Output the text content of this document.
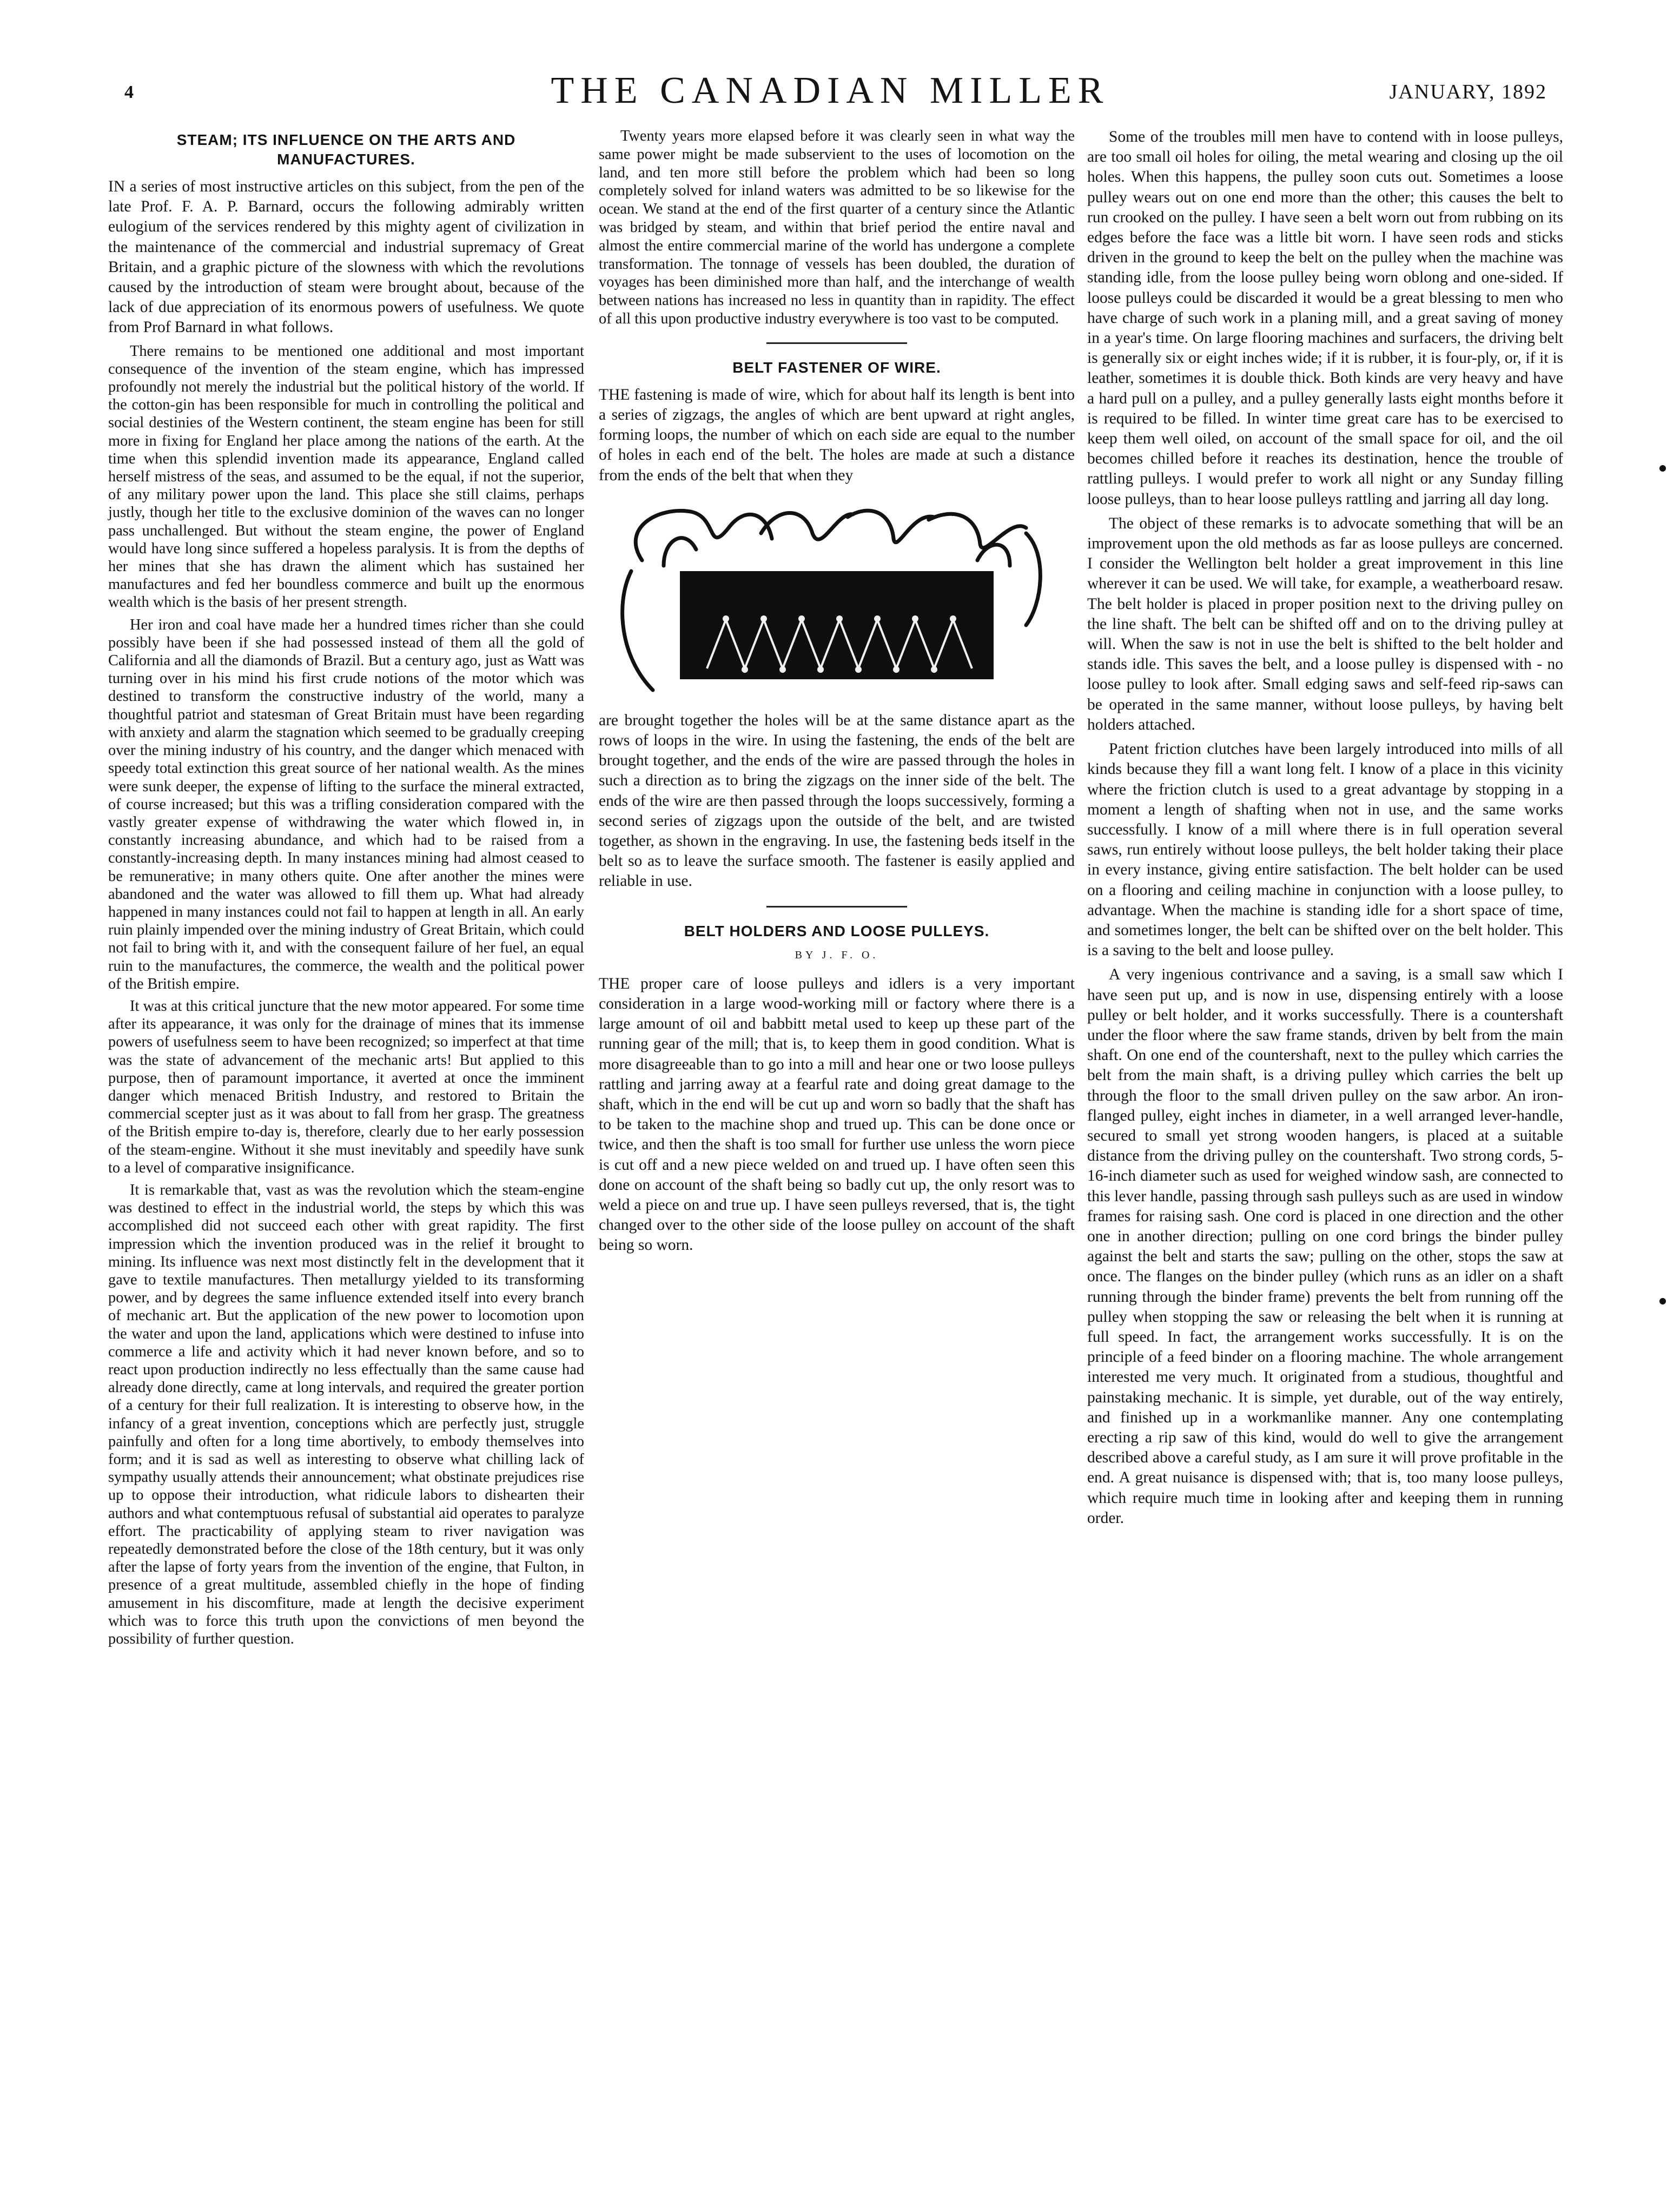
4	THE CANADIAN MILLER	JANUARY, 1892
STEAM; ITS INFLUENCE ON THE ARTS AND MANUFACTURES.

IN a series of most instructive articles on this subject, from the pen of the late Prof. F. A. P. Barnard, occurs the following admirably written eulogium of the services rendered by this mighty agent of civilization in the maintenance of the commercial and industrial supremacy of Great Britain, and a graphic picture of the slowness with which the revolutions caused by the introduction of steam were brought about, because of the lack of due appreciation of its enormous powers of usefulness. We quote from Prof Barnard in what follows.

There remains to be mentioned one additional and most important consequence of the invention of the steam engine, which has impressed profoundly not merely the industrial but the political history of the world. If the cotton-gin has been responsible for much in controlling the political and social destinies of the Western continent, the steam engine has been for still more in fixing for England her place among the nations of the earth. At the time when this splendid invention made its appearance, England called herself mistress of the seas, and assumed to be the equal, if not the superior, of any military power upon the land. This place she still claims, perhaps justly, though her title to the exclusive dominion of the waves can no longer pass unchallenged. But without the steam engine, the power of England would have long since suffered a hopeless paralysis. It is from the depths of her mines that she has drawn the aliment which has sustained her manufactures and fed her boundless commerce and built up the enormous wealth which is the basis of her present strength.

Her iron and coal have made her a hundred times richer than she could possibly have been if she had possessed instead of them all the gold of California and all the diamonds of Brazil. But a century ago, just as Watt was turning over in his mind his first crude notions of the motor which was destined to transform the constructive industry of the world, many a thoughtful patriot and statesman of Great Britain must have been regarding with anxiety and alarm the stagnation which seemed to be gradually creeping over the mining industry of his country, and the danger which menaced with speedy total extinction this great source of her national wealth. As the mines were sunk deeper, the expense of lifting to the surface the mineral extracted, of course increased; but this was a trifling consideration compared with the vastly greater expense of withdrawing the water which flowed in, in constantly increasing abundance, and which had to be raised from a constantly-increasing depth. In many instances mining had almost ceased to be remunerative; in many others quite. One after another the mines were abandoned and the water was allowed to fill them up. What had already happened in many instances could not fail to happen at length in all. An early ruin plainly impended over the mining industry of Great Britain, which could not fail to bring with it, and with the consequent failure of her fuel, an equal ruin to the manufactures, the commerce, the wealth and the political power of the British empire.

It was at this critical juncture that the new motor appeared. For some time after its appearance, it was only for the drainage of mines that its immense powers of usefulness seem to have been recognized; so imperfect at that time was the state of advancement of the mechanic arts! But applied to this purpose, then of paramount importance, it averted at once the imminent danger which menaced British Industry, and restored to Britain the commercial scepter just as it was about to fall from her grasp. The greatness of the British empire to-day is, therefore, clearly due to her early possession of the steam-engine. Without it she must inevitably and speedily have sunk to a level of comparative insignificance.

It is remarkable that, vast as was the revolution which the steam-engine was destined to effect in the industrial world, the steps by which this was accomplished did not succeed each other with great rapidity. The first impression which the invention produced was in the relief it brought to mining. Its influence was next most distinctly felt in the development that it gave to textile manufactures. Then metallurgy yielded to its transforming power, and by degrees the same influence extended itself into every branch of mechanic art. But the application of the new power to locomotion upon the water and upon the land, applications which were destined to infuse into commerce a life and activity which it had never known before, and so to react upon production indirectly no less effectually than the same cause had already done directly, came at long intervals, and required the greater portion of a century for their full realization. It is interesting to observe how, in the infancy of a great invention, conceptions which are perfectly just, struggle painfully and often for a long time abortively, to embody themselves into form; and it is sad as well as interesting to observe what chilling lack of sympathy usually attends their announcement; what obstinate prejudices rise up to oppose their introduction, what ridicule labors to dishearten their authors and what contemptuous refusal of substantial aid operates to paralyze effort. The practicability of applying steam to river navigation was repeatedly demonstrated before the close of the 18th century, but it was only after the lapse of forty years from the invention of the engine, that Fulton, in presence of a great multitude, assembled chiefly in the hope of finding amusement in his discomfiture, made at length the decisive experiment which was to force this truth upon the convictions of men beyond the possibility of further question.

Twenty years more elapsed before it was clearly seen in what way the same power might be made subservient to the uses of locomotion on the land, and ten more still before the problem which had been so long completely solved for inland waters was admitted to be so likewise for the ocean. We stand at the end of the first quarter of a century since the Atlantic was bridged by steam, and within that brief period the entire naval and almost the entire commercial marine of the world has undergone a complete transformation. The tonnage of vessels has been doubled, the duration of voyages has been diminished more than half, and the interchange of wealth between nations has increased no less in quantity than in rapidity. The effect of all this upon productive industry everywhere is too vast to be computed.

BELT FASTENER OF WIRE.

THE fastening is made of wire, which for about half its length is bent into a series of zigzags, the angles of which are bent upward at right angles, forming loops, the number of which on each side are equal to the number of holes in each end of the belt. The holes are made at such a distance from the ends of the belt that when they

are brought together the holes will be at the same distance apart as the rows of loops in the wire. In using the fastening, the ends of the belt are brought together, and the ends of the wire are passed through the holes in such a direction as to bring the zigzags on the inner side of the belt. The ends of the wire are then passed through the loops successively, forming a second series of zigzags upon the outside of the belt, and are twisted together, as shown in the engraving. In use, the fastening beds itself in the belt so as to leave the surface smooth. The fastener is easily applied and reliable in use.

BELT HOLDERS AND LOOSE PULLEYS.
BY J. F. O.

THE proper care of loose pulleys and idlers is a very important consideration in a large wood-working mill or factory where there is a large amount of oil and babbitt metal used to keep up these part of the running gear of the mill; that is, to keep them in good condition. What is more disagreeable than to go into a mill and hear one or two loose pulleys rattling and jarring away at a fearful rate and doing great damage to the shaft, which in the end will be cut up and worn so badly that the shaft has to be taken to the machine shop and trued up. This can be done once or twice, and then the shaft is too small for further use unless the worn piece is cut off and a new piece welded on and trued up. I have often seen this done on account of the shaft being so badly cut up, the only resort was to weld a piece on and true up. I have seen pulleys reversed, that is, the tight changed over to the other side of the loose pulley on account of the shaft being so worn.

Some of the troubles mill men have to contend with in loose pulleys, are too small oil holes for oiling, the metal wearing and closing up the oil holes. When this happens, the pulley soon cuts out. Sometimes a loose pulley wears out on one end more than the other; this causes the belt to run crooked on the pulley. I have seen a belt worn out from rubbing on its edges before the face was a little bit worn. I have seen rods and sticks driven in the ground to keep the belt on the pulley when the machine was standing idle, from the loose pulley being worn oblong and one-sided. If loose pulleys could be discarded it would be a great blessing to men who have charge of such work in a planing mill, and a great saving of money in a year's time. On large flooring machines and surfacers, the driving belt is generally six or eight inches wide; if it is rubber, it is four-ply, or, if it is leather, sometimes it is double thick. Both kinds are very heavy and have a hard pull on a pulley, and a pulley generally lasts eight months before it is required to be filled. In winter time great care has to be exercised to keep them well oiled, on account of the small space for oil, and the oil becomes chilled before it reaches its destination, hence the trouble of rattling pulleys. I would prefer to work all night or any Sunday filling loose pulleys, than to hear loose pulleys rattling and jarring all day long.

The object of these remarks is to advocate something that will be an improvement upon the old methods as far as loose pulleys are concerned. I consider the Wellington belt holder a great improvement in this line wherever it can be used. We will take, for example, a weatherboard resaw. The belt holder is placed in proper position next to the driving pulley on the line shaft. The belt can be shifted off and on to the driving pulley at will. When the saw is not in use the belt is shifted to the belt holder and stands idle. This saves the belt, and a loose pulley is dispensed with - no loose pulley to look after. Small edging saws and self-feed rip-saws can be operated in the same manner, without loose pulleys, by having belt holders attached.

Patent friction clutches have been largely introduced into mills of all kinds because they fill a want long felt. I know of a place in this vicinity where the friction clutch is used to a great advantage by stopping in a moment a length of shafting when not in use, and the same works successfully. I know of a mill where there is in full operation several saws, run entirely without loose pulleys, the belt holder taking their place in every instance, giving entire satisfaction. The belt holder can be used on a flooring and ceiling machine in conjunction with a loose pulley, to advantage. When the machine is standing idle for a short space of time, and sometimes longer, the belt can be shifted over on the belt holder. This is a saving to the belt and loose pulley.

A very ingenious contrivance and a saving, is a small saw which I have seen put up, and is now in use, dispensing entirely with a loose pulley or belt holder, and it works successfully. There is a countershaft under the floor where the saw frame stands, driven by belt from the main shaft. On one end of the countershaft, next to the pulley which carries the belt from the main shaft, is a driving pulley which carries the belt up through the floor to the small driven pulley on the saw arbor. An iron-flanged pulley, eight inches in diameter, in a well arranged lever-handle, secured to small yet strong wooden hangers, is placed at a suitable distance from the driving pulley on the countershaft. Two strong cords, 5-16-inch diameter such as used for weighed window sash, are connected to this lever handle, passing through sash pulleys such as are used in window frames for raising sash. One cord is placed in one direction and the other one in another direction; pulling on one cord brings the binder pulley against the belt and starts the saw; pulling on the other, stops the saw at once. The flanges on the binder pulley (which runs as an idler on a shaft running through the binder frame) prevents the belt from running off the pulley when stopping the saw or releasing the belt when it is running at full speed. In fact, the arrangement works successfully. It is on the principle of a feed binder on a flooring machine. The whole arrangement interested me very much. It originated from a studious, thoughtful and painstaking mechanic. It is simple, yet durable, out of the way entirely, and finished up in a workmanlike manner. Any one contemplating erecting a rip saw of this kind, would do well to give the arrangement described above a careful study, as I am sure it will prove profitable in the end. A great nuisance is dispensed with; that is, too many loose pulleys, which require much time in looking after and keeping them in running order.
